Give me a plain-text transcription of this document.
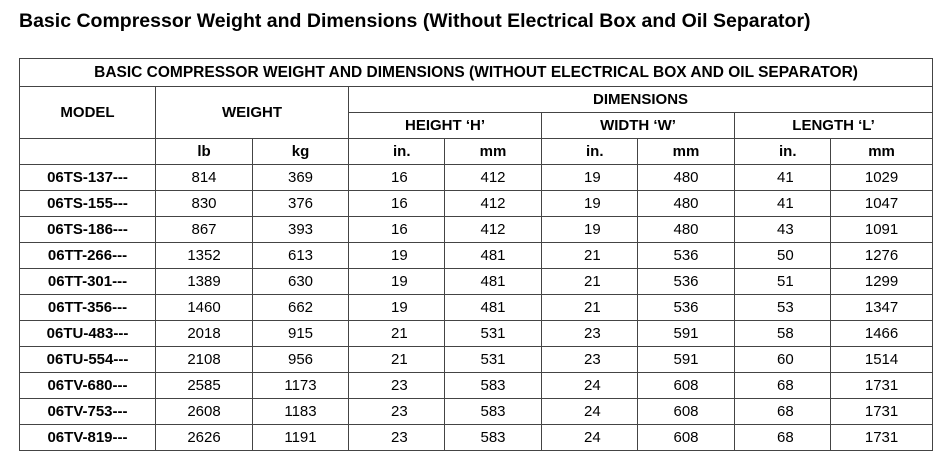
Basic Compressor Weight and Dimensions (Without Electrical Box and Oil Separator)
BASIC COMPRESSOR WEIGHT AND DIMENSIONS (WITHOUT ELECTRICAL BOX AND OIL SEPARATOR)								
MODEL	WEIGHT		DIMENSIONS					
			HEIGHT ‘H’		WIDTH ‘W’		LENGTH ‘L’	
	lb	kg	in.	mm	in.	mm	in.	mm
06TS-137---	814	369	16	412	19	480	41	1029
06TS-155---	830	376	16	412	19	480	41	1047
06TS-186---	867	393	16	412	19	480	43	1091
06TT-266---	1352	613	19	481	21	536	50	1276
06TT-301---	1389	630	19	481	21	536	51	1299
06TT-356---	1460	662	19	481	21	536	53	1347
06TU-483---	2018	915	21	531	23	591	58	1466
06TU-554---	2108	956	21	531	23	591	60	1514
06TV-680---	2585	1173	23	583	24	608	68	1731
06TV-753---	2608	1183	23	583	24	608	68	1731
06TV-819---	2626	1191	23	583	24	608	68	1731
